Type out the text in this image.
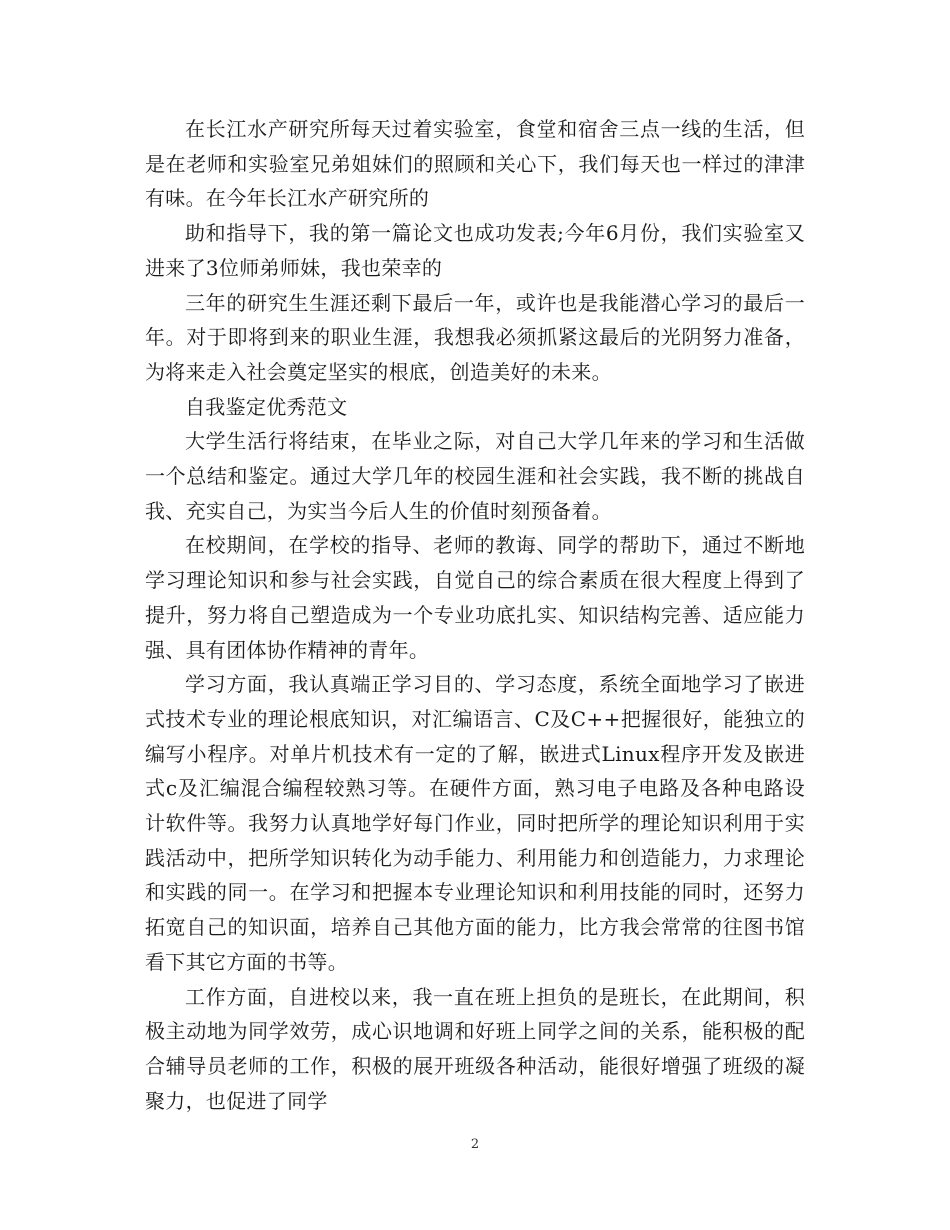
在长江水产研究所每天过着实验室，食堂和宿舍三点一线的生活，但是在老师和实验室兄弟姐妹们的照顾和关心下，我们每天也一样过的津津有味。在今年长江水产研究所的

助和指导下，我的第一篇论文也成功发表;今年6月份，我们实验室又进来了3位师弟师妹，我也荣幸的

三年的研究生生涯还剩下最后一年，或许也是我能潜心学习的最后一年。对于即将到来的职业生涯，我想我必须抓紧这最后的光阴努力准备，为将来走入社会奠定坚实的根底，创造美好的未来。

自我鉴定优秀范文

大学生活行将结束，在毕业之际，对自己大学几年来的学习和生活做一个总结和鉴定。通过大学几年的校园生涯和社会实践，我不断的挑战自我、充实自己，为实当今后人生的价值时刻预备着。

在校期间，在学校的指导、老师的教诲、同学的帮助下，通过不断地学习理论知识和参与社会实践，自觉自己的综合素质在很大程度上得到了提升，努力将自己塑造成为一个专业功底扎实、知识结构完善、适应能力强、具有团体协作精神的青年。

学习方面，我认真端正学习目的、学习态度，系统全面地学习了嵌进式技术专业的理论根底知识，对汇编语言、C及C++把握很好，能独立的编写小程序。对单片机技术有一定的了解，嵌进式Linux程序开发及嵌进式c及汇编混合编程较熟习等。在硬件方面，熟习电子电路及各种电路设计软件等。我努力认真地学好每门作业，同时把所学的理论知识利用于实践活动中，把所学知识转化为动手能力、利用能力和创造能力，力求理论和实践的同一。在学习和把握本专业理论知识和利用技能的同时，还努力拓宽自己的知识面，培养自己其他方面的能力，比方我会常常的往图书馆看下其它方面的书等。

工作方面，自进校以来，我一直在班上担负的是班长，在此期间，积极主动地为同学效劳，成心识地调和好班上同学之间的关系，能积极的配合辅导员老师的工作，积极的展开班级各种活动，能很好增强了班级的凝聚力，也促进了同学

2
